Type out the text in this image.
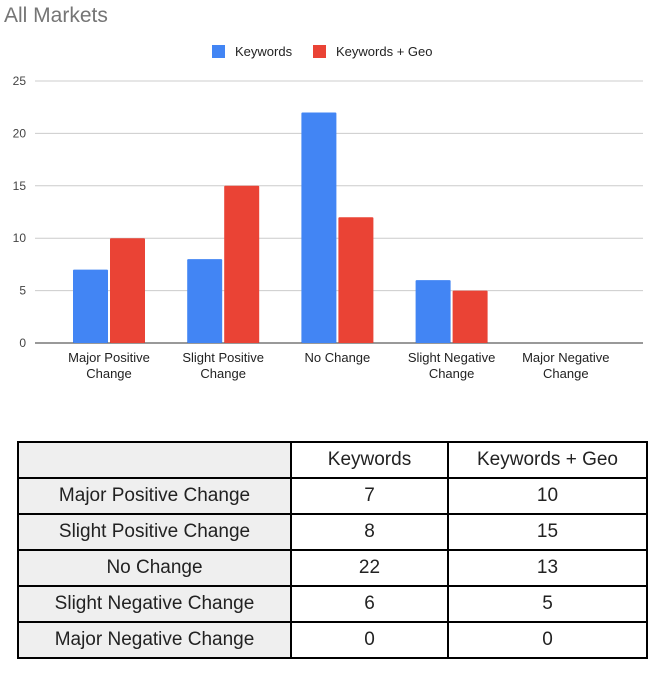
All Markets
Keywords	Keywords + Geo
0
5
10
15
20
25
Major Positive Change
Slight Positive Change
No Change	Slight Negative Change
Major Negative Change
	Keywords	Keywords + Geo
Major Positive Change	7	10
Slight Positive Change	8	15
No Change	22	13
Slight Negative Change	6	5
Major Negative Change	0	0
